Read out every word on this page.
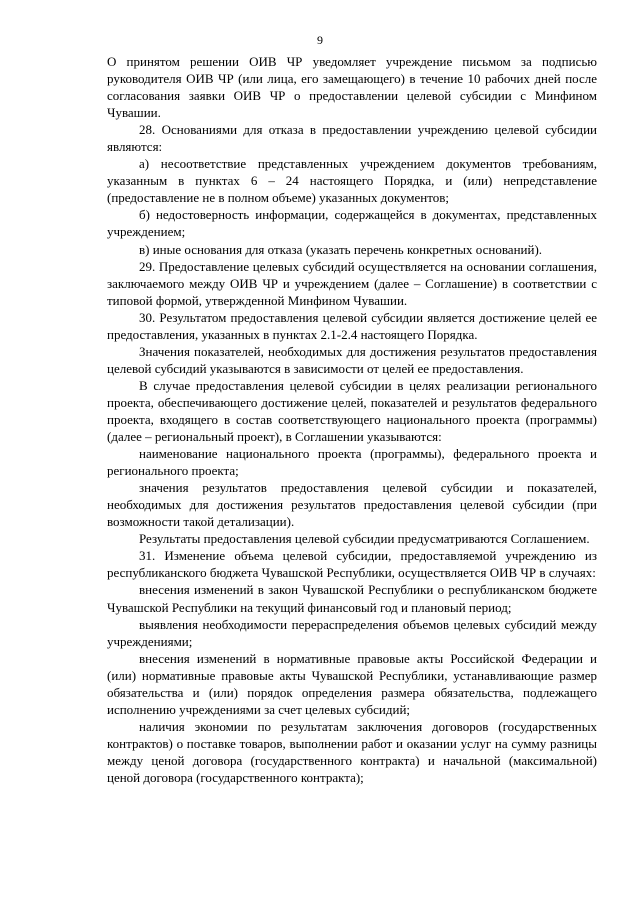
9

О принятом решении ОИВ ЧР уведомляет учреждение письмом за подписью руководителя ОИВ ЧР (или лица, его замещающего) в течение 10 рабочих дней после согласования заявки ОИВ ЧР о предоставлении целевой субсидии с Минфином Чувашии.

28. Основаниями для отказа в предоставлении учреждению целевой субсидии являются:

а) несоответствие представленных учреждением документов требованиям, указанным в пунктах 6 – 24 настоящего Порядка, и (или) непредставление (предоставление не в полном объеме) указанных документов;

б) недостоверность информации, содержащейся в документах, представленных учреждением;

в) иные основания для отказа (указать перечень конкретных оснований).

29. Предоставление целевых субсидий осуществляется на основании соглашения, заключаемого между ОИВ ЧР и учреждением (далее – Соглашение) в соответствии с типовой формой, утвержденной Минфином Чувашии.

30. Результатом предоставления целевой субсидии является достижение целей ее предоставления, указанных в пунктах 2.1-2.4 настоящего Порядка.

Значения показателей, необходимых для достижения результатов предоставления целевой субсидий указываются в зависимости от целей ее предоставления.

В случае предоставления целевой субсидии в целях реализации регионального проекта, обеспечивающего достижение целей, показателей и результатов федерального проекта, входящего в состав соответствующего национального проекта (программы) (далее – региональный проект), в Соглашении указываются:

наименование национального проекта (программы), федерального проекта и регионального проекта;

значения результатов предоставления целевой субсидии и показателей, необходимых для достижения результатов предоставления целевой субсидии (при возможности такой детализации).

Результаты предоставления целевой субсидии предусматриваются Соглашением.

31. Изменение объема целевой субсидии, предоставляемой учреждению из республиканского бюджета Чувашской Республики, осуществляется ОИВ ЧР в случаях:

внесения изменений в закон Чувашской Республики о республиканском бюджете Чувашской Республики на текущий финансовый год и плановый период;

выявления необходимости перераспределения объемов целевых субсидий между учреждениями;

внесения изменений в нормативные правовые акты Российской Федерации и (или) нормативные правовые акты Чувашской Республики, устанавливающие размер обязательства и (или) порядок определения размера обязательства, подлежащего исполнению учреждениями за счет целевых субсидий;

наличия экономии по результатам заключения договоров (государственных контрактов) о поставке товаров, выполнении работ и оказании услуг на сумму разницы между ценой договора (государственного контракта) и начальной (максимальной) ценой договора (государственного контракта);
